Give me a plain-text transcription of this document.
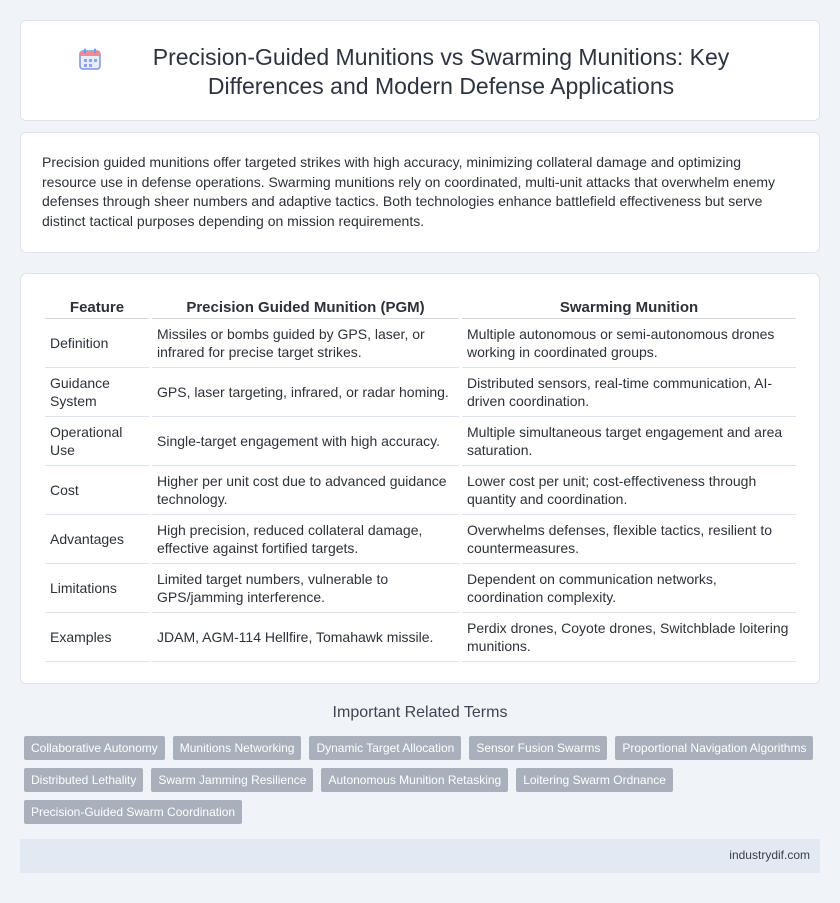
Precision-Guided Munitions vs Swarming Munitions: Key Differences and Modern Defense Applications

Precision guided munitions offer targeted strikes with high accuracy, minimizing collateral damage and optimizing resource use in defense operations. Swarming munitions rely on coordinated, multi-unit attacks that overwhelm enemy defenses through sheer numbers and adaptive tactics. Both technologies enhance battlefield effectiveness but serve distinct tactical purposes depending on mission requirements.

Feature	Precision Guided Munition (PGM)	Swarming Munition
Definition	Missiles or bombs guided by GPS, laser, or infrared for precise target strikes.	Multiple autonomous or semi-autonomous drones working in coordinated groups.
Guidance System	GPS, laser targeting, infrared, or radar homing.	Distributed sensors, real-time communication, AI-driven coordination.
Operational Use	Single-target engagement with high accuracy.	Multiple simultaneous target engagement and area saturation.
Cost	Higher per unit cost due to advanced guidance technology.	Lower cost per unit; cost-effectiveness through quantity and coordination.
Advantages	High precision, reduced collateral damage, effective against fortified targets.	Overwhelms defenses, flexible tactics, resilient to countermeasures.
Limitations	Limited target numbers, vulnerable to GPS/jamming interference.	Dependent on communication networks, coordination complexity.
Examples	JDAM, AGM-114 Hellfire, Tomahawk missile.	Perdix drones, Coyote drones, Switchblade loitering munitions.
Important Related Terms
Collaborative Autonomy	Munitions Networking	Dynamic Target Allocation	Sensor Fusion Swarms	Proportional Navigation Algorithms
Distributed Lethality	Swarm Jamming Resilience	Autonomous Munition Retasking	Loitering Swarm Ordnance
Precision-Guided Swarm Coordination
industrydif.com
